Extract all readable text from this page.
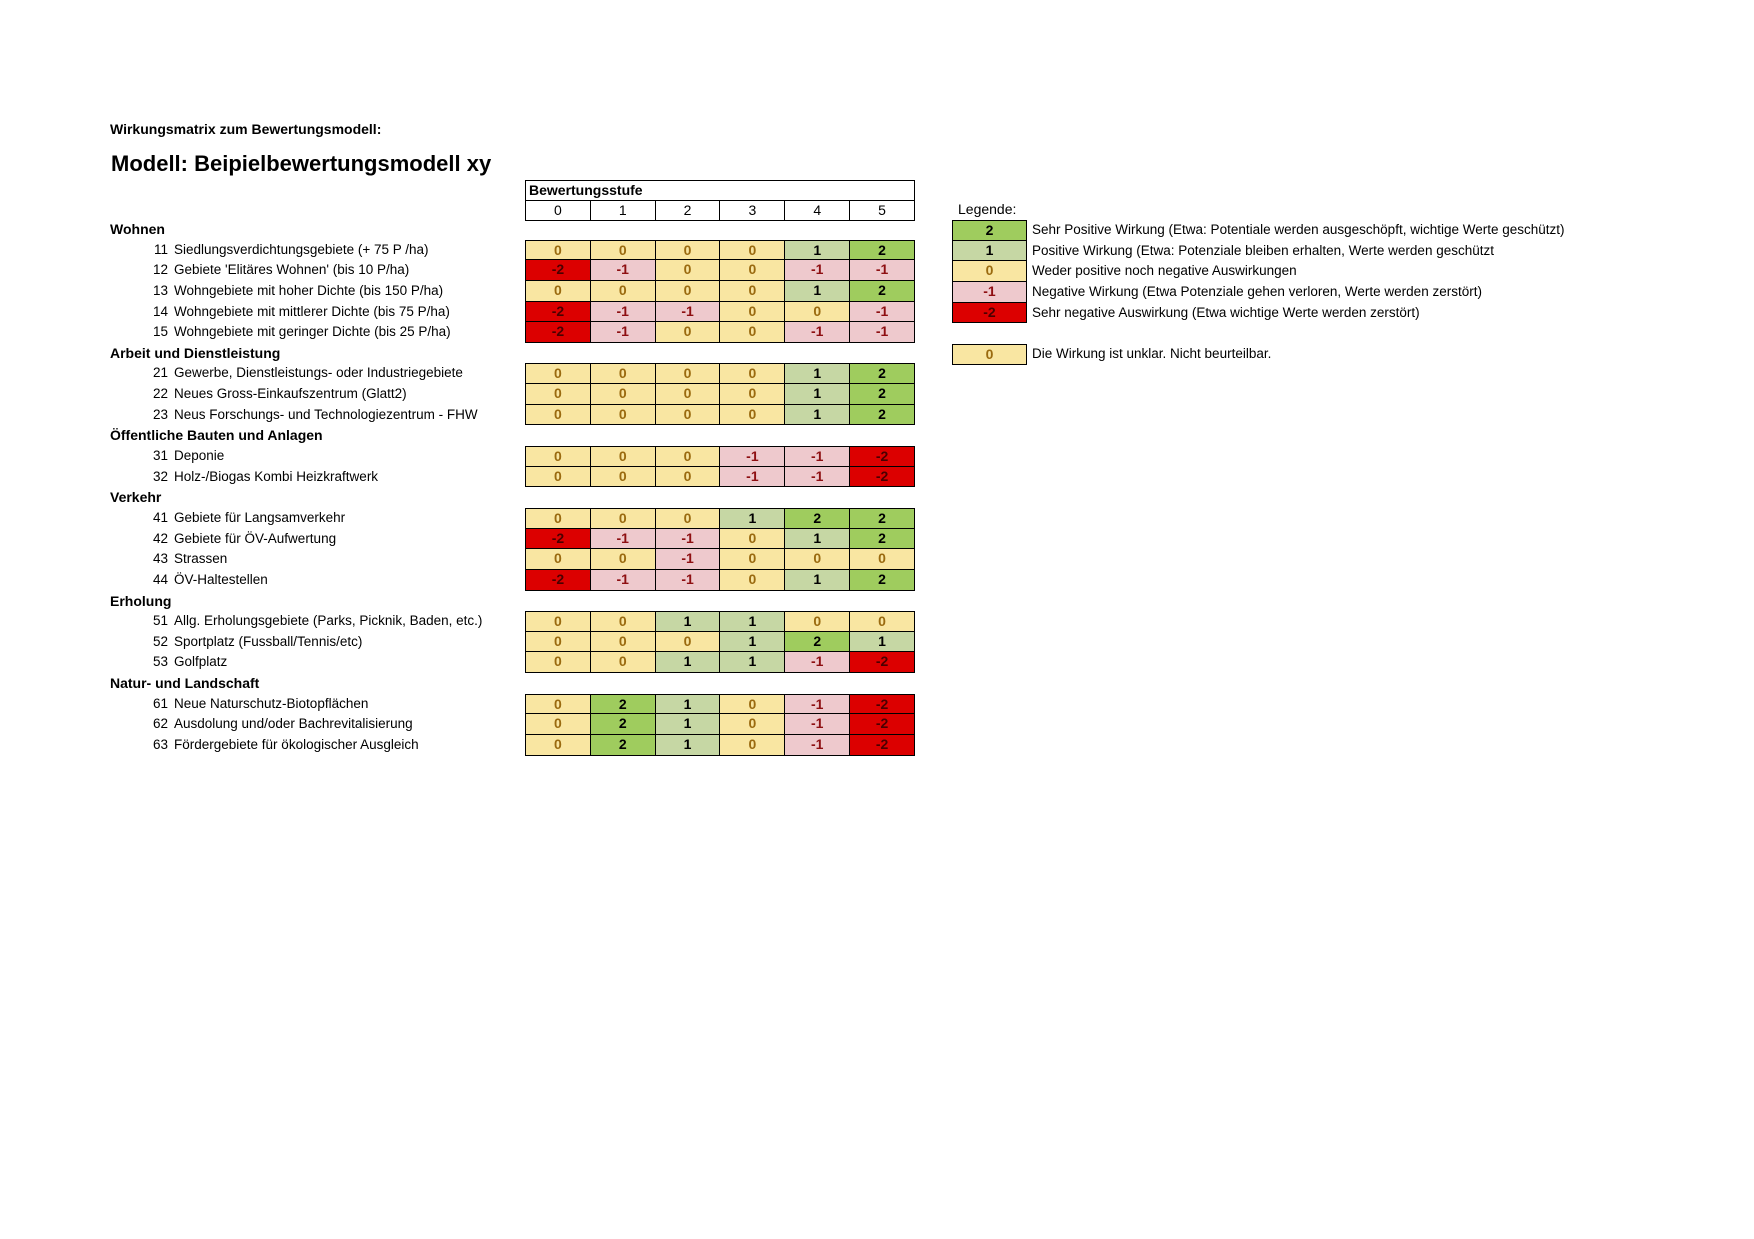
Wirkungsmatrix zum Bewertungsmodell:
Modell: Beipielbewertungsmodell xy
Bewertungsstufe
0	1	2	3	4	5
Wohnen
11 Siedlungsverdichtungsgebiete (+ 75 P /ha)	0	0	0	0	1	2
12 Gebiete 'Elitäres Wohnen' (bis 10 P/ha)	-2	-1	0	0	-1	-1
13 Wohngebiete mit hoher Dichte (bis 150 P/ha)	0	0	0	0	1	2
14 Wohngebiete mit mittlerer Dichte (bis 75 P/ha)	-2	-1	-1	0	0	-1
15 Wohngebiete mit geringer Dichte (bis 25 P/ha)	-2	-1	0	0	-1	-1
Arbeit und Dienstleistung
21 Gewerbe, Dienstleistungs- oder Industriegebiete	0	0	0	0	1	2
22 Neues Gross-Einkaufszentrum (Glatt2)	0	0	0	0	1	2
23 Neus Forschungs- und Technologiezentrum - FHW	0	0	0	0	1	2
Öffentliche Bauten und Anlagen
31 Deponie	0	0	0	-1	-1	-2
32 Holz-/Biogas Kombi Heizkraftwerk	0	0	0	-1	-1	-2
Verkehr
41 Gebiete für Langsamverkehr	0	0	0	1	2	2
42 Gebiete für ÖV-Aufwertung	-2	-1	-1	0	1	2
43 Strassen	0	0	-1	0	0	0
44 ÖV-Haltestellen	-2	-1	-1	0	1	2
Erholung
51 Allg. Erholungsgebiete (Parks, Picknik, Baden, etc.)	0	0	1	1	0	0
52 Sportplatz (Fussball/Tennis/etc)	0	0	0	1	2	1
53 Golfplatz	0	0	1	1	-1	-2
Natur- und Landschaft
61 Neue Naturschutz-Biotopflächen	0	2	1	0	-1	-2
62 Ausdolung und/oder Bachrevitalisierung	0	2	1	0	-1	-2
63 Fördergebiete für ökologischer Ausgleich	0	2	1	0	-1	-2
Legende:
2	Sehr Positive Wirkung (Etwa: Potentiale werden ausgeschöpft, wichtige Werte geschützt)
1	Positive Wirkung (Etwa: Potenziale bleiben erhalten, Werte werden geschützt
0	Weder positive noch negative Auswirkungen
-1	Negative Wirkung (Etwa Potenziale gehen verloren, Werte werden zerstört)
-2	Sehr negative Auswirkung (Etwa wichtige Werte werden zerstört)
0	Die Wirkung ist unklar. Nicht beurteilbar.
